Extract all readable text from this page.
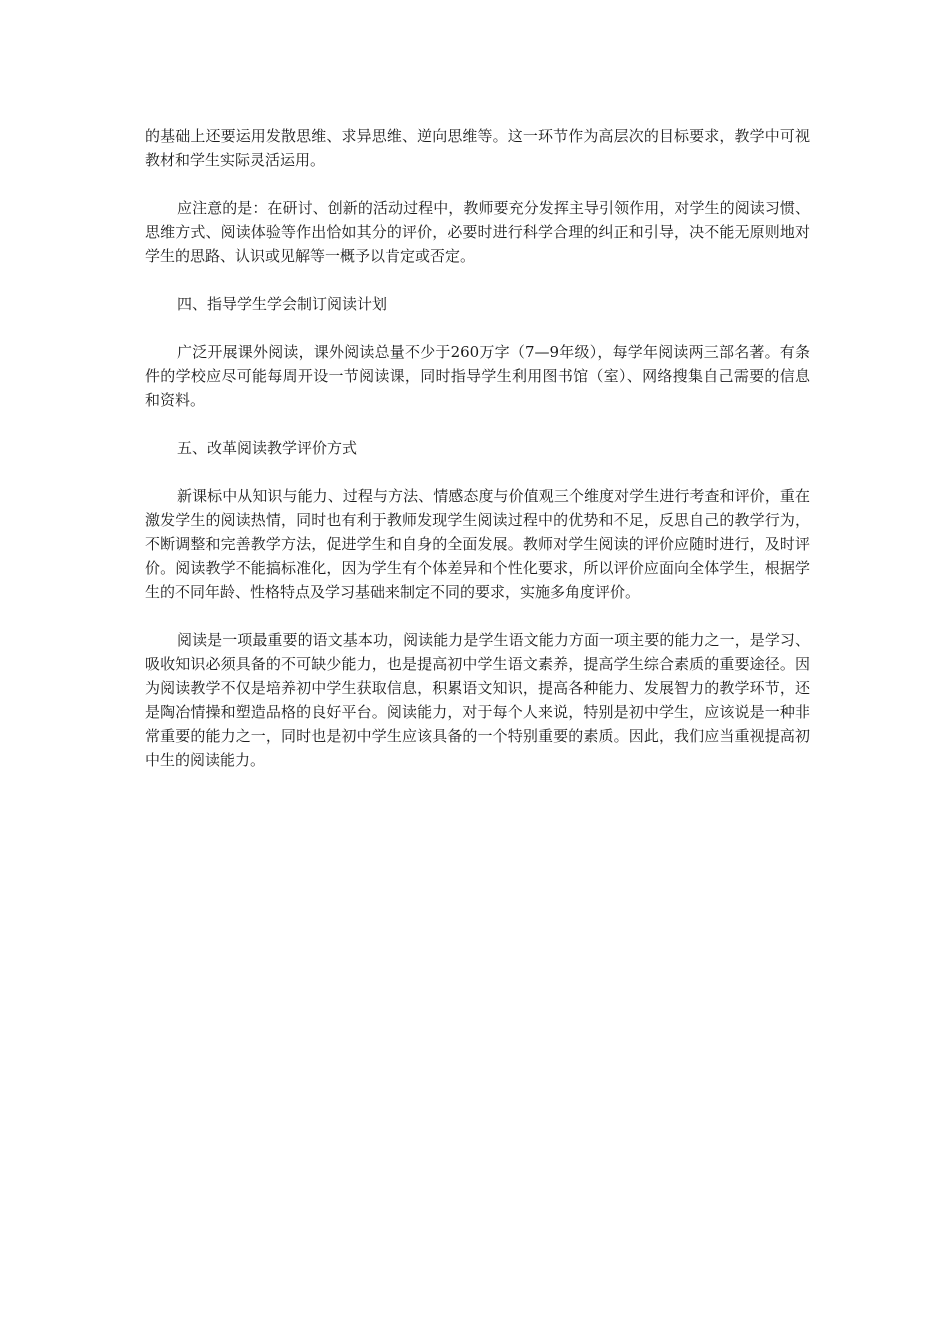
的基础上还要运用发散思维、求异思维、逆向思维等。这一环节作为高层次的目标要求，教学中可视教材和学生实际灵活运用。

应注意的是：在研讨、创新的活动过程中，教师要充分发挥主导引领作用，对学生的阅读习惯、思维方式、阅读体验等作出恰如其分的评价，必要时进行科学合理的纠正和引导，决不能无原则地对学生的思路、认识或见解等一概予以肯定或否定。

四、指导学生学会制订阅读计划

广泛开展课外阅读，课外阅读总量不少于260万字（7—9年级），每学年阅读两三部名著。有条件的学校应尽可能每周开设一节阅读课，同时指导学生利用图书馆（室）、网络搜集自己需要的信息和资料。

五、改革阅读教学评价方式

新课标中从知识与能力、过程与方法、情感态度与价值观三个维度对学生进行考查和评价，重在激发学生的阅读热情，同时也有利于教师发现学生阅读过程中的优势和不足，反思自己的教学行为，不断调整和完善教学方法，促进学生和自身的全面发展。教师对学生阅读的评价应随时进行，及时评价。阅读教学不能搞标准化，因为学生有个体差异和个性化要求，所以评价应面向全体学生，根据学生的不同年龄、性格特点及学习基础来制定不同的要求，实施多角度评价。

阅读是一项最重要的语文基本功，阅读能力是学生语文能力方面一项主要的能力之一，是学习、吸收知识必须具备的不可缺少能力，也是提高初中学生语文素养，提高学生综合素质的重要途径。因为阅读教学不仅是培养初中学生获取信息，积累语文知识，提高各种能力、发展智力的教学环节，还是陶冶情操和塑造品格的良好平台。阅读能力，对于每个人来说，特别是初中学生，应该说是一种非常重要的能力之一，同时也是初中学生应该具备的一个特别重要的素质。因此，我们应当重视提高初中生的阅读能力。
